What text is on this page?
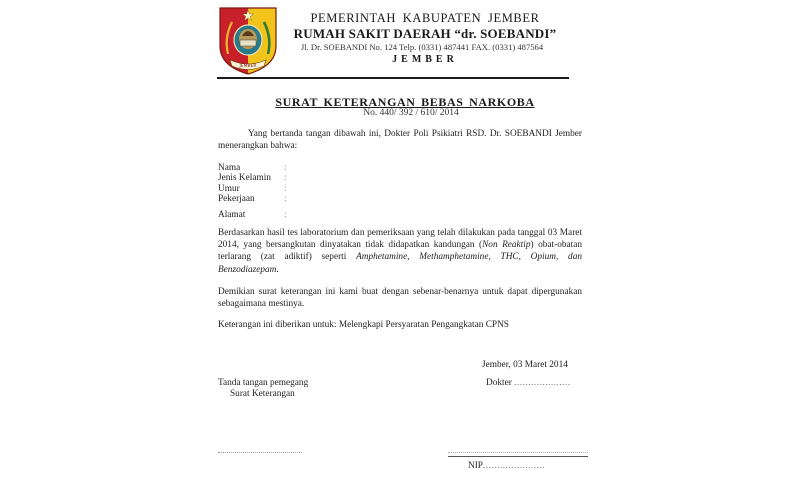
JEMBER
PEMERINTAH KABUPATEN JEMBER
RUMAH SAKIT DAERAH “dr. SOEBANDI”
Jl. Dr. SOEBANDI No. 124 Telp. (0331) 487441 FAX. (0331) 487564
JEMBER
SURAT KETERANGAN BEBAS NARKOBA
No. 440/ 392 / 610/ 2014
Yang bertanda tangan dibawah ini, Dokter Poli Psikiatri RSD. Dr. SOEBANDI Jember menerangkan bahwa:
Nama	:
Jenis Kelamin	:
Umur	:
Pekerjaan	:
Alamat	:
Berdasarkan hasil tes laboratorium dan pemeriksaan yang telah dilakukan pada tanggal 03 Maret 2014, yang bersangkutan dinyatakan tidak didapatkan kandungan (Non Reaktip) obat-obatan terlarang (zat adiktif) seperti Amphetamine, Methamphetamine, THC, Opium, dan Benzodiazepam.
Demikian surat keterangan ini kami buat dengan sebenar-benarnya untuk dapat dipergunakan sebagaimana mestinya.
Keterangan ini diberikan untuk: Melengkapi Persyaratan Pengangkatan CPNS
Jember, 03 Maret 2014
Tanda tangan pemegang
Surat Keterangan
Dokter ....................
NIP......................
